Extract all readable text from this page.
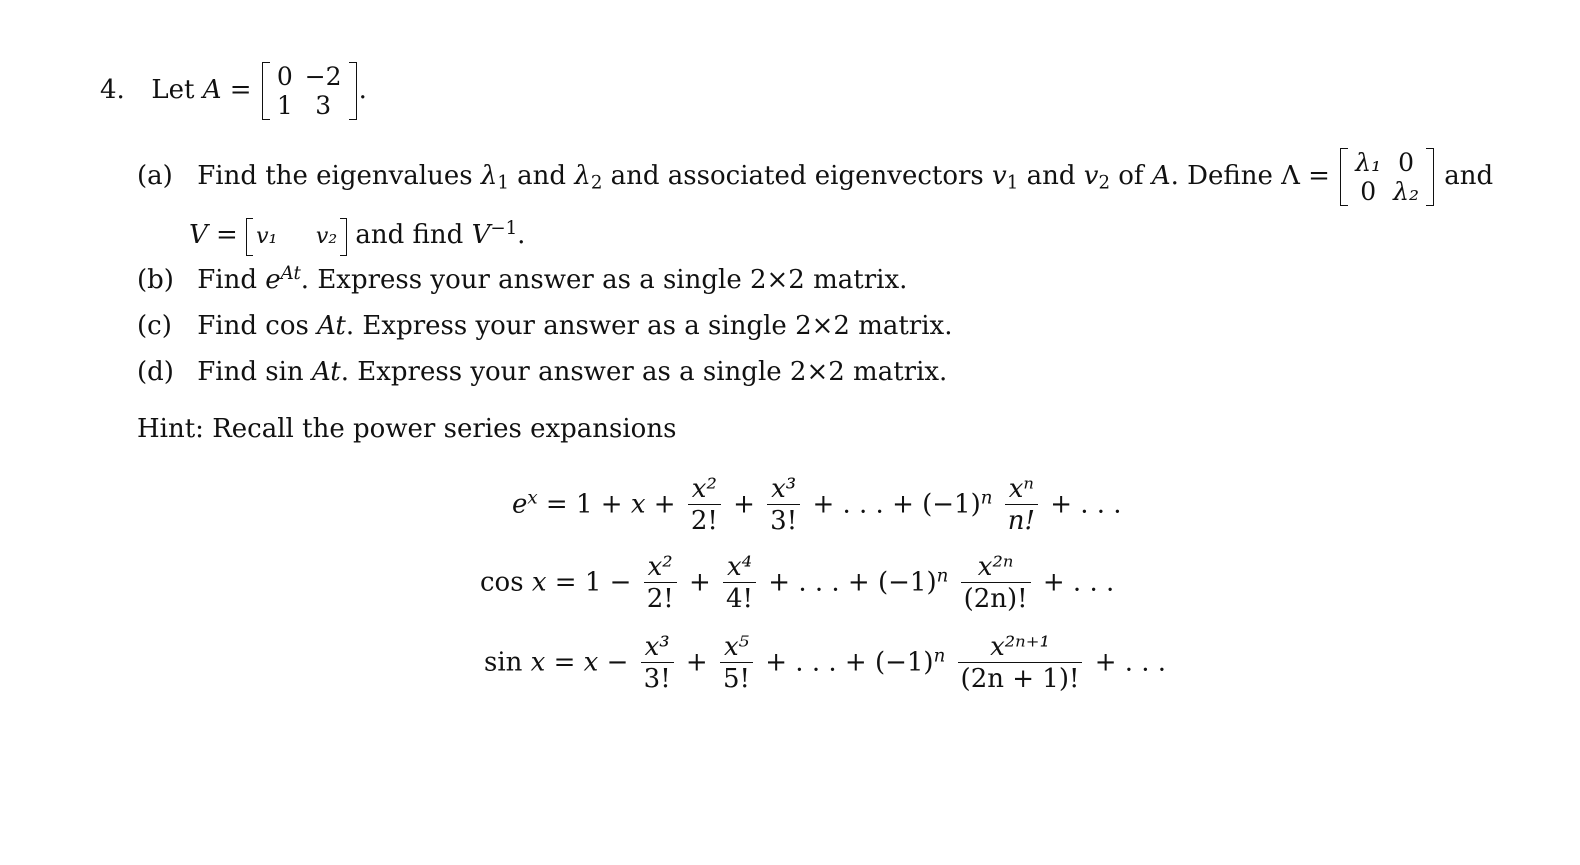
4. Let A = 0	−2
1	3
.
(a) Find the eigenvalues $\lambda_1$ and $\lambda_2$ and associated eigenvectors $v_1$ and $v_2$ of A. Define Λ = λ₁	0
0	λ₂
and
V = v₁ v₂ and find $V^{-1}$.
(b) Find $e^{At}$. Express your answer as a single 2×2 matrix.
(c) Find cos At. Express your answer as a single 2×2 matrix.
(d) Find sin At. Express your answer as a single 2×2 matrix.
Hint: Recall the power series expansions
$e^x = 1 + x + \frac{\text{x²}}{2!} + \frac{\text{x³}}{3!}$ + . . . + $(-1)^n \frac{\text{xⁿ}}{n!}$ + . . .
$\cos x = 1 - \frac{\text{x²}}{2!} + \frac{\text{x⁴}}{4!}$ + . . . + $(-1)^n \frac{\text{x²ⁿ}}{(2n)!}$ + . . .
$\sin x = x - \frac{\text{x³}}{3!} + \frac{\text{x⁵}}{5!}$ + . . . + $(-1)^n \frac{\text{x²ⁿ⁺¹}}{(2n + 1)!}$ + . . .
